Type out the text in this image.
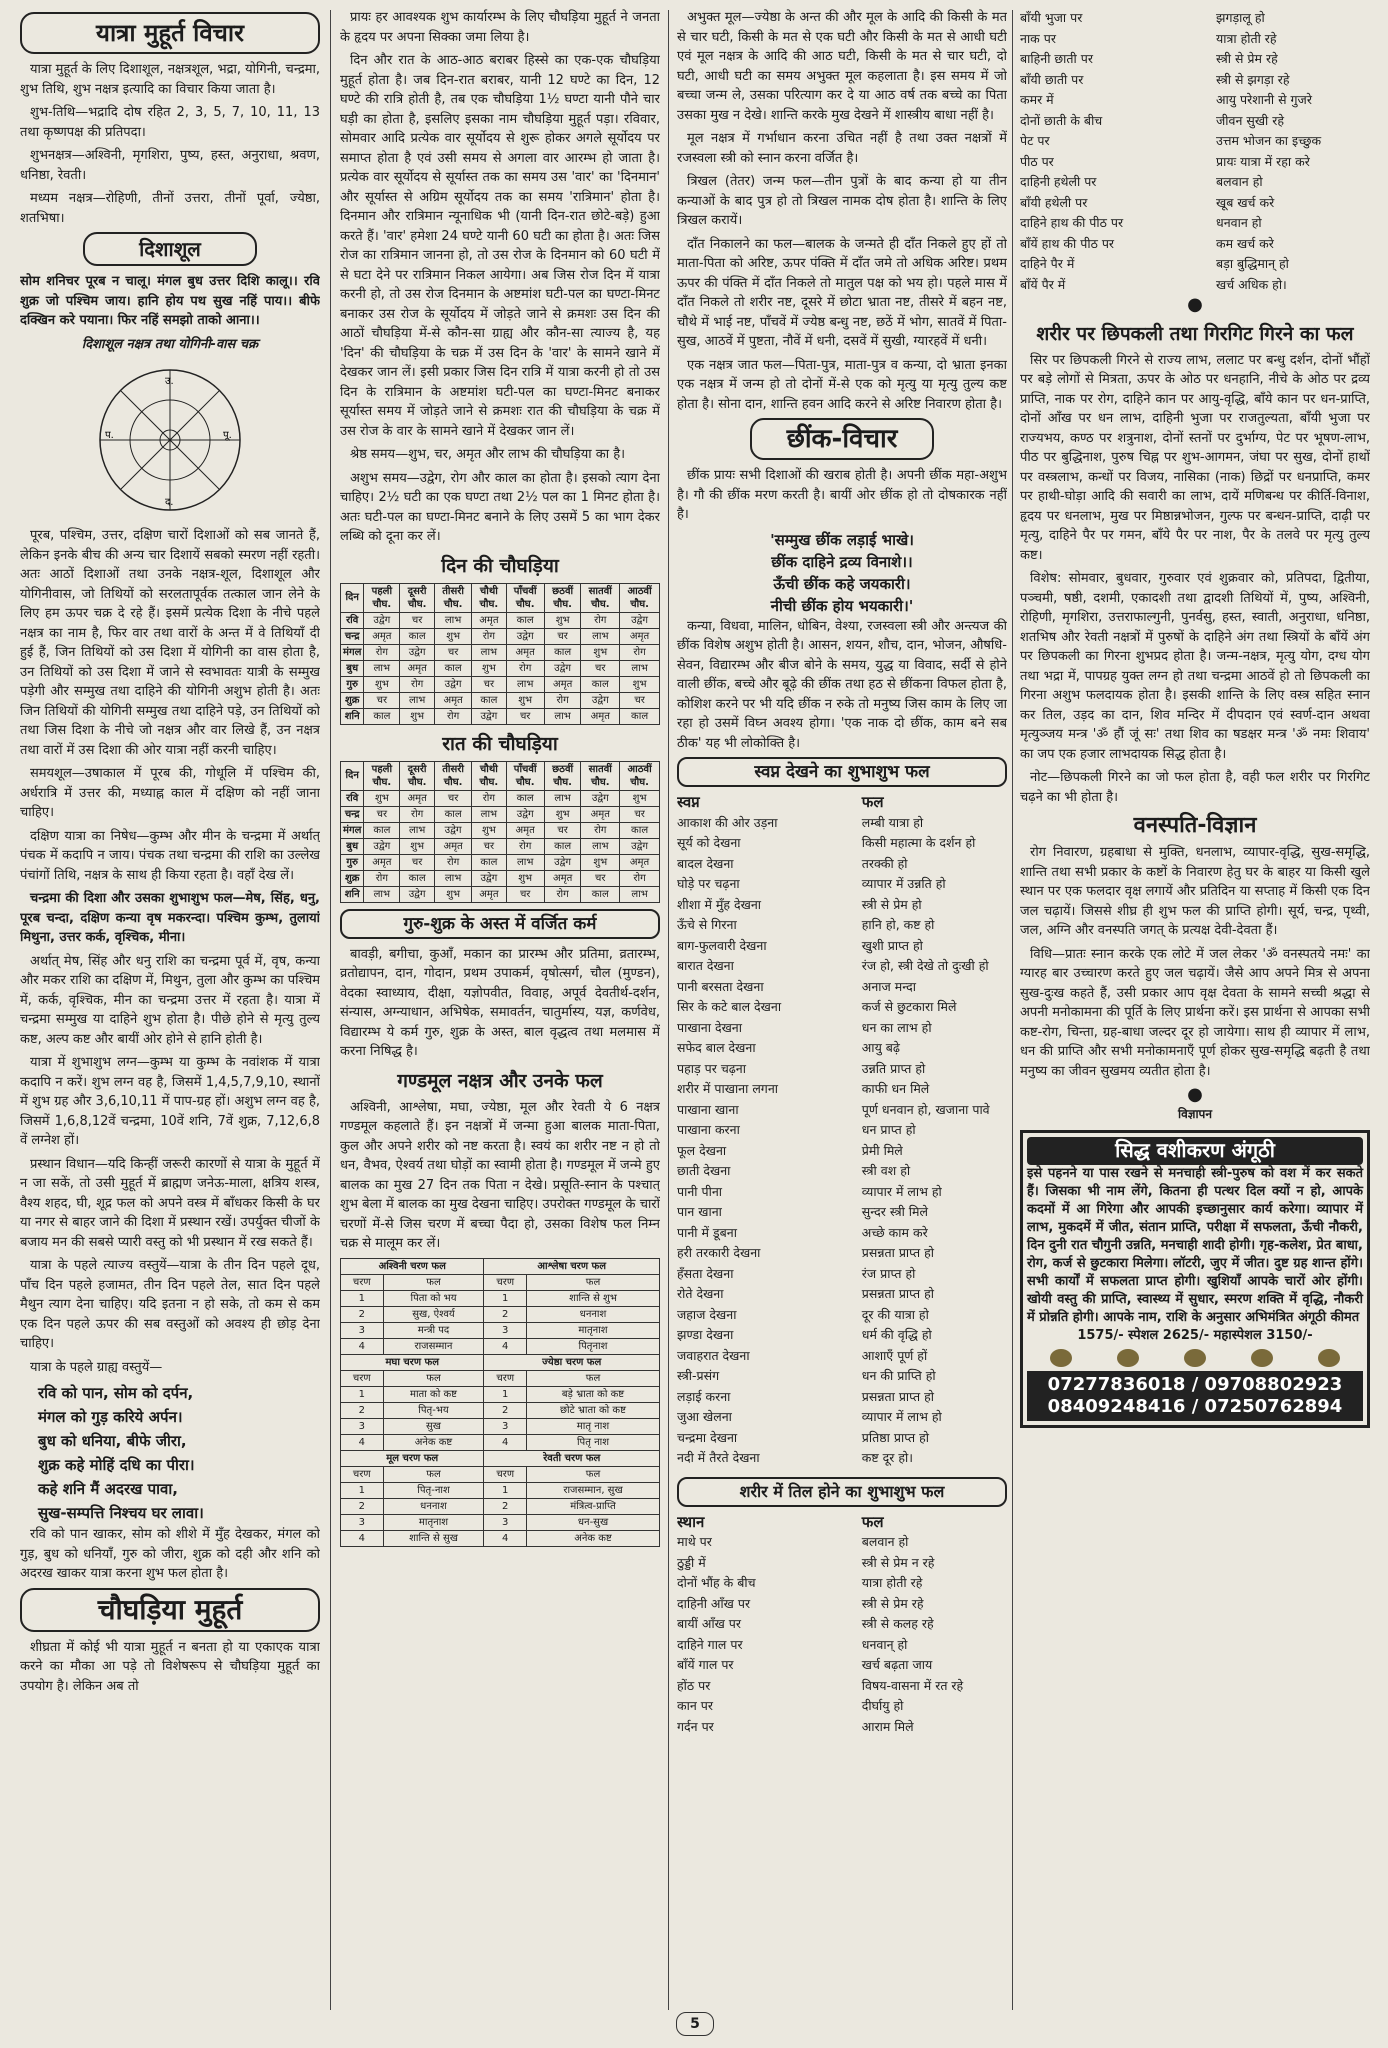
यात्रा मुहूर्त विचार

यात्रा मुहूर्त के लिए दिशाशूल, नक्षत्रशूल, भद्रा, योगिनी, चन्द्रमा, शुभ तिथि, शुभ नक्षत्र इत्यादि का विचार किया जाता है।

शुभ-तिथि—भद्रादि दोष रहित 2, 3, 5, 7, 10, 11, 13 तथा कृष्णपक्ष की प्रतिपदा।

शुभनक्षत्र—अश्विनी, मृगशिरा, पुष्य, हस्त, अनुराधा, श्रवण, धनिष्ठा, रेवती।

मध्यम नक्षत्र—रोहिणी, तीनों उत्तरा, तीनों पूर्वा, ज्येष्ठा, शतभिषा।

दिशाशूल

सोम शनिचर पूरब न चालू। मंगल बुध उत्तर दिशि कालू।। रवि शुक्र जो पश्चिम जाय। हानि होय पथ सुख नहिं पाय।। बीफे दक्खिन करे पयाना। फिर नहिं समझो ताको आना।।

दिशाशूल नक्षत्र तथा योगिनी-वास चक्र

उ.
पू.
द.
प.

पूरब, पश्चिम, उत्तर, दक्षिण चारों दिशाओं को सब जानते हैं, लेकिन इनके बीच की अन्य चार दिशायें सबको स्मरण नहीं रहती। अतः आठों दिशाओं तथा उनके नक्षत्र-शूल, दिशाशूल और योगिनीवास, जो तिथियों को सरलतापूर्वक तत्काल जान लेने के लिए हम ऊपर चक्र दे रहे हैं। इसमें प्रत्येक दिशा के नीचे पहले नक्षत्र का नाम है, फिर वार तथा वारों के अन्त में वे तिथियाँ दी हुई हैं, जिन तिथियों को उस दिशा में योगिनी का वास होता है, उन तिथियों को उस दिशा में जाने से स्वभावतः यात्री के सम्मुख पड़ेगी और सम्मुख तथा दाहिने की योगिनी अशुभ होती है। अतः जिन तिथियों की योगिनी सम्मुख तथा दाहिने पड़े, उन तिथियों को तथा जिस दिशा के नीचे जो नक्षत्र और वार लिखे हैं, उन नक्षत्र तथा वारों में उस दिशा की ओर यात्रा नहीं करनी चाहिए।

समयशूल—उषाकाल में पूरब की, गोधूलि में पश्चिम की, अर्धरात्रि में उत्तर की, मध्याह्न काल में दक्षिण को नहीं जाना चाहिए।

दक्षिण यात्रा का निषेध—कुम्भ और मीन के चन्द्रमा में अर्थात् पंचक में कदापि न जाय। पंचक तथा चन्द्रमा की राशि का उल्लेख पंचांगों तिथि, नक्षत्र के साथ ही किया रहता है। वहाँ देख लें।

चन्द्रमा की दिशा और उसका शुभाशुभ फल—मेष, सिंह, धनु, पूरब चन्दा, दक्षिण कन्या वृष मकरन्दा। पश्चिम कुम्भ, तुलायां मिथुना, उत्तर कर्क, वृश्चिक, मीना।

अर्थात् मेष, सिंह और धनु राशि का चन्द्रमा पूर्व में, वृष, कन्या और मकर राशि का दक्षिण में, मिथुन, तुला और कुम्भ का पश्चिम में, कर्क, वृश्चिक, मीन का चन्द्रमा उत्तर में रहता है। यात्रा में चन्द्रमा सम्मुख या दाहिने शुभ होता है। पीछे होने से मृत्यु तुल्य कष्ट, अल्प कष्ट और बायीं ओर होने से हानि होती है।

यात्रा में शुभाशुभ लग्न—कुम्भ या कुम्भ के नवांशक में यात्रा कदापि न करें। शुभ लग्न वह है, जिसमें 1,4,5,7,9,10, स्थानों में शुभ ग्रह और 3,6,10,11 में पाप-ग्रह हों। अशुभ लग्न वह है, जिसमें 1,6,8,12वें चन्द्रमा, 10वें शनि, 7वें शुक्र, 7,12,6,8 वें लग्नेश हों।

प्रस्थान विधान—यदि किन्हीं जरूरी कारणों से यात्रा के मुहूर्त में न जा सकें, तो उसी मुहूर्त में ब्राह्मण जनेऊ-माला, क्षत्रिय शस्त्र, वैश्य शहद, घी, शूद्र फल को अपने वस्त्र में बाँधकर किसी के घर या नगर से बाहर जाने की दिशा में प्रस्थान रखें। उपर्युक्त चीजों के बजाय मन की सबसे प्यारी वस्तु को भी प्रस्थान में रख सकते हैं।

यात्रा के पहले त्याज्य वस्तुयें—यात्रा के तीन दिन पहले दूध, पाँच दिन पहले हजामत, तीन दिन पहले तेल, सात दिन पहले मैथुन त्याग देना चाहिए। यदि इतना न हो सके, तो कम से कम एक दिन पहले ऊपर की सब वस्तुओं को अवश्य ही छोड़ देना चाहिए।

यात्रा के पहले ग्राह्य वस्तुयें—

रवि को पान, सोम को दर्पन,
मंगल को गुड़ करिये अर्पन।
बुध को धनिया, बीफे जीरा,
शुक्र कहे मोहिं दधि का पीरा।
कहे शनि मैं अदरख पावा,
सुख-सम्पत्ति निश्चय घर लावा।

रवि को पान खाकर, सोम को शीशे में मुँह देखकर, मंगल को गुड़, बुध को धनियाँ, गुरु को जीरा, शुक्र को दही और शनि को अदरख खाकर यात्रा करना शुभ फल होता है।

चौघड़िया मुहूर्त

शीघ्रता में कोई भी यात्रा मुहूर्त न बनता हो या एकाएक यात्रा करने का मौका आ पड़े तो विशेषरूप से चौघड़िया मुहूर्त का उपयोग है। लेकिन अब तो

प्रायः हर आवश्यक शुभ कार्यारम्भ के लिए चौघड़िया मुहूर्त ने जनता के हृदय पर अपना सिक्का जमा लिया है।

दिन और रात के आठ-आठ बराबर हिस्से का एक-एक चौघड़िया मुहूर्त होता है। जब दिन-रात बराबर, यानी 12 घण्टे का दिन, 12 घण्टे की रात्रि होती है, तब एक चौघड़िया 1½ घण्टा यानी पौने चार घड़ी का होता है, इसलिए इसका नाम चौघड़िया मुहूर्त पड़ा। रविवार, सोमवार आदि प्रत्येक वार सूर्योदय से शुरू होकर अगले सूर्योदय पर समाप्त होता है एवं उसी समय से अगला वार आरम्भ हो जाता है। प्रत्येक वार सूर्योदय से सूर्यास्त तक का समय उस 'वार' का 'दिनमान' और सूर्यास्त से अग्रिम सूर्योदय तक का समय 'रात्रिमान' होता है। दिनमान और रात्रिमान न्यूनाधिक भी (यानी दिन-रात छोटे-बड़े) हुआ करते हैं। 'वार' हमेशा 24 घण्टे यानी 60 घटी का होता है। अतः जिस रोज का रात्रिमान जानना हो, तो उस रोज के दिनमान को 60 घटी में से घटा देने पर रात्रिमान निकल आयेगा। अब जिस रोज दिन में यात्रा करनी हो, तो उस रोज दिनमान के अष्टमांश घटी-पल का घण्टा-मिनट बनाकर उस रोज के सूर्योदय में जोड़ते जाने से क्रमशः उस दिन की आठों चौघड़िया में-से कौन-सा ग्राह्य और कौन-सा त्याज्य है, यह 'दिन' की चौघड़िया के चक्र में उस दिन के 'वार' के सामने खाने में देखकर जान लें। इसी प्रकार जिस दिन रात्रि में यात्रा करनी हो तो उस दिन के रात्रिमान के अष्टमांश घटी-पल का घण्टा-मिनट बनाकर सूर्यास्त समय में जोड़ते जाने से क्रमशः रात की चौघड़िया के चक्र में उस रोज के वार के सामने खाने में देखकर जान लें।

श्रेष्ठ समय—शुभ, चर, अमृत और लाभ की चौघड़िया का है।

अशुभ समय—उद्वेग, रोग और काल का होता है। इसको त्याग देना चाहिए। 2½ घटी का एक घण्टा तथा 2½ पल का 1 मिनट होता है। अतः घटी-पल का घण्टा-मिनट बनाने के लिए उसमें 5 का भाग देकर लब्धि को दूना कर लें।

दिन की चौघड़िया
दिन	पहली चौघ.	दूसरी चौघ.	तीसरी चौघ.	चौथी चौघ.	पाँचवीं चौघ.	छठवीं चौघ.	सातवीं चौघ.	आठवीं चौघ.
रवि	उद्वेग	चर	लाभ	अमृत	काल	शुभ	रोग	उद्वेग
चन्द्र	अमृत	काल	शुभ	रोग	उद्वेग	चर	लाभ	अमृत
मंगल	रोग	उद्वेग	चर	लाभ	अमृत	काल	शुभ	रोग
बुध	लाभ	अमृत	काल	शुभ	रोग	उद्वेग	चर	लाभ
गुरु	शुभ	रोग	उद्वेग	चर	लाभ	अमृत	काल	शुभ
शुक्र	चर	लाभ	अमृत	काल	शुभ	रोग	उद्वेग	चर
शनि	काल	शुभ	रोग	उद्वेग	चर	लाभ	अमृत	काल
रात की चौघड़िया
दिन	पहली चौघ.	दूसरी चौघ.	तीसरी चौघ.	चौथी चौघ.	पाँचवीं चौघ.	छठवीं चौघ.	सातवीं चौघ.	आठवीं चौघ.
रवि	शुभ	अमृत	चर	रोग	काल	लाभ	उद्वेग	शुभ
चन्द्र	चर	रोग	काल	लाभ	उद्वेग	शुभ	अमृत	चर
मंगल	काल	लाभ	उद्वेग	शुभ	अमृत	चर	रोग	काल
बुध	उद्वेग	शुभ	अमृत	चर	रोग	काल	लाभ	उद्वेग
गुरु	अमृत	चर	रोग	काल	लाभ	उद्वेग	शुभ	अमृत
शुक्र	रोग	काल	लाभ	उद्वेग	शुभ	अमृत	चर	रोग
शनि	लाभ	उद्वेग	शुभ	अमृत	चर	रोग	काल	लाभ
गुरु-शुक्र के अस्त में वर्जित कर्म

बावड़ी, बगीचा, कुआँ, मकान का प्रारम्भ और प्रतिमा, व्रतारम्भ, व्रतोद्यापन, दान, गोदान, प्रथम उपाकर्म, वृषोत्सर्ग, चौल (मुण्डन), वेदका स्वाध्याय, दीक्षा, यज्ञोपवीत, विवाह, अपूर्व देवतीर्थ-दर्शन, संन्यास, अग्न्याधान, अभिषेक, समावर्तन, चातुर्मास्य, यज्ञ, कर्णवेध, विद्यारम्भ ये कर्म गुरु, शुक्र के अस्त, बाल वृद्धत्व तथा मलमास में करना निषिद्ध है।

गण्डमूल नक्षत्र और उनके फल

अश्विनी, आश्लेषा, मघा, ज्येष्ठा, मूल और रेवती ये 6 नक्षत्र गण्डमूल कहलाते हैं। इन नक्षत्रों में जन्मा हुआ बालक माता-पिता, कुल और अपने शरीर को नष्ट करता है। स्वयं का शरीर नष्ट न हो तो धन, वैभव, ऐश्वर्य तथा घोड़ों का स्वामी होता है। गण्डमूल में जन्मे हुए बालक का मुख 27 दिन तक पिता न देखे। प्रसूति-स्नान के पश्चात् शुभ बेला में बालक का मुख देखना चाहिए। उपरोक्त गण्डमूल के चारों चरणों में-से जिस चरण में बच्चा पैदा हो, उसका विशेष फल निम्न चक्र से मालूम कर लें।

अश्विनी चरण फल		आश्लेषा चरण फल	
चरण	फल	चरण	फल
1	पिता को भय	1	शान्ति से शुभ
2	सुख, ऐश्वर्य	2	धननाश
3	मन्त्री पद	3	मातृनाश
4	राजसम्मान	4	पितृनाश
मघा चरण फल		ज्येष्ठा चरण फल	
चरण	फल	चरण	फल
1	माता को कष्ट	1	बड़े भ्राता को कष्ट
2	पितृ-भय	2	छोटे भ्राता को कष्ट
3	सुख	3	मातृ नाश
4	अनेक कष्ट	4	पितृ नाश
मूल चरण फल		रेवती चरण फल	
चरण	फल	चरण	फल
1	पितृ-नाश	1	राजसम्मान, सुख
2	धननाश	2	मंत्रित्व-प्राप्ति
3	मातृनाश	3	धन-सुख
4	शान्ति से सुख	4	अनेक कष्ट

अभुक्त मूल—ज्येष्ठा के अन्त की और मूल के आदि की किसी के मत से चार घटी, किसी के मत से एक घटी और किसी के मत से आधी घटी एवं मूल नक्षत्र के आदि की आठ घटी, किसी के मत से चार घटी, दो घटी, आधी घटी का समय अभुक्त मूल कहलाता है। इस समय में जो बच्चा जन्म ले, उसका परित्याग कर दे या आठ वर्ष तक बच्चे का पिता उसका मुख न देखे। शान्ति करके मुख देखने में शास्त्रीय बाधा नहीं है।

मूल नक्षत्र में गर्भाधान करना उचित नहीं है तथा उक्त नक्षत्रों में रजस्वला स्त्री को स्नान करना वर्जित है।

त्रिखल (तेतर) जन्म फल—तीन पुत्रों के बाद कन्या हो या तीन कन्याओं के बाद पुत्र हो तो त्रिखल नामक दोष होता है। शान्ति के लिए त्रिखल करायें।

दाँत निकालने का फल—बालक के जन्मते ही दाँत निकले हुए हों तो माता-पिता को अरिष्ट, ऊपर पंक्ति में दाँत जमे तो अधिक अरिष्ट। प्रथम ऊपर की पंक्ति में दाँत निकले तो मातुल पक्ष को भय हो। पहले मास में दाँत निकले तो शरीर नष्ट, दूसरे में छोटा भ्राता नष्ट, तीसरे में बहन नष्ट, चौथे में भाई नष्ट, पाँचवें में ज्येष्ठ बन्धु नष्ट, छठें में भोग, सातवें में पिता-सुख, आठवें में पुष्टता, नौवें में धनी, दसवें में सुखी, ग्यारहवें में धनी।

एक नक्षत्र जात फल—पिता-पुत्र, माता-पुत्र व कन्या, दो भ्राता इनका एक नक्षत्र में जन्म हो तो दोनों में-से एक को मृत्यु या मृत्यु तुल्य कष्ट होता है। सोना दान, शान्ति हवन आदि करने से अरिष्ट निवारण होता है।

छींक-विचार

छींक प्रायः सभी दिशाओं की खराब होती है। अपनी छींक महा-अशुभ है। गौ की छींक मरण करती है। बायीं ओर छींक हो तो दोषकारक नहीं है।

'सम्मुख छींक लड़ाई भाखे।
छींक दाहिने द्रव्य विनाशे।।
ऊँची छींक कहे जयकारी।
नीची छींक होय भयकारी।'

कन्या, विधवा, मालिन, धोबिन, वेश्या, रजस्वला स्त्री और अन्त्यज की छींक विशेष अशुभ होती है। आसन, शयन, शौच, दान, भोजन, औषधि-सेवन, विद्यारम्भ और बीज बोने के समय, युद्ध या विवाद, सर्दी से होने वाली छींक, बच्चे और बूढ़े की छींक तथा हठ से छींकना विफल होता है, कोशिश करने पर भी यदि छींक न रुके तो मनुष्य जिस काम के लिए जा रहा हो उसमें विघ्न अवश्य होगा। 'एक नाक दो छींक, काम बने सब ठीक' यह भी लोकोक्ति है।

स्वप्न देखने का शुभाशुभ फल
स्वप्न	फल
आकाश की ओर उड़ना	लम्बी यात्रा हो
सूर्य को देखना	किसी महात्मा के दर्शन हो
बादल देखना	तरक्की हो
घोड़े पर चढ़ना	व्यापार में उन्नति हो
शीशा में मुँह देखना	स्त्री से प्रेम हो
ऊँचे से गिरना	हानि हो, कष्ट हो
बाग-फुलवारी देखना	खुशी प्राप्त हो
बारात देखना	रंज हो, स्त्री देखे तो दुःखी हो
पानी बरसता देखना	अनाज मन्दा
सिर के कटे बाल देखना	कर्ज से छुटकारा मिले
पाखाना देखना	धन का लाभ हो
सफेद बाल देखना	आयु बढ़े
पहाड़ पर चढ़ना	उन्नति प्राप्त हो
शरीर में पाखाना लगना	काफी धन मिले
पाखाना खाना	पूर्ण धनवान हो, खजाना पावे
पाखाना करना	धन प्राप्त हो
फूल देखना	प्रेमी मिले
छाती देखना	स्त्री वश हो
पानी पीना	व्यापार में लाभ हो
पान खाना	सुन्दर स्त्री मिले
पानी में डूबना	अच्छे काम करे
हरी तरकारी देखना	प्रसन्नता प्राप्त हो
हँसता देखना	रंज प्राप्त हो
रोते देखना	प्रसन्नता प्राप्त हो
जहाज देखना	दूर की यात्रा हो
झण्डा देखना	धर्म की वृद्धि हो
जवाहरात देखना	आशाएँ पूर्ण हों
स्त्री-प्रसंग	धन की प्राप्ति हो
लड़ाई करना	प्रसन्नता प्राप्त हो
जुआ खेलना	व्यापार में लाभ हो
चन्द्रमा देखना	प्रतिष्ठा प्राप्त हो
नदी में तैरते देखना	कष्ट दूर हो।
शरीर में तिल होने का शुभाशुभ फल
स्थान	फल
माथे पर	बलवान हो
ठुड्डी में	स्त्री से प्रेम न रहे
दोनों भौंह के बीच	यात्रा होती रहे
दाहिनी आँख पर	स्त्री से प्रेम रहे
बायीं आँख पर	स्त्री से कलह रहे
दाहिने गाल पर	धनवान् हो
बाँयें गाल पर	खर्च बढ़ता जाय
होंठ पर	विषय-वासना में रत रहे
कान पर	दीर्घायु हो
गर्दन पर	आराम मिले
बाँयी भुजा पर	झगड़ालू हो
नाक पर	यात्रा होती रहे
बाहिनी छाती पर	स्त्री से प्रेम रहे
बाँयी छाती पर	स्त्री से झगड़ा रहे
कमर में	आयु परेशानी से गुजरे
दोनों छाती के बीच	जीवन सुखी रहे
पेट पर	उत्तम भोजन का इच्छुक
पीठ पर	प्रायः यात्रा में रहा करे
दाहिनी हथेली पर	बलवान हो
बाँयी हथेली पर	खूब खर्च करे
दाहिने हाथ की पीठ पर	धनवान हो
बाँयें हाथ की पीठ पर	कम खर्च करे
दाहिने पैर में	बड़ा बुद्धिमान् हो
बाँयें पैर में	खर्च अधिक हो।
●
शरीर पर छिपकली तथा गिरगिट गिरने का फल

सिर पर छिपकली गिरने से राज्य लाभ, ललाट पर बन्धु दर्शन, दोनों भौंहों पर बड़े लोगों से मित्रता, ऊपर के ओठ पर धनहानि, नीचे के ओठ पर द्रव्य प्राप्ति, नाक पर रोग, दाहिने कान पर आयु-वृद्धि, बाँये कान पर धन-प्राप्ति, दोनों आँख पर धन लाभ, दाहिनी भुजा पर राजतुल्यता, बाँयी भुजा पर राज्यभय, कण्ठ पर शत्रुनाश, दोनों स्तनों पर दुर्भाग्य, पेट पर भूषण-लाभ, पीठ पर बुद्धिनाश, पुरुष चिह्न पर शुभ-आगमन, जंघा पर सुख, दोनों हाथों पर वस्त्रलाभ, कन्धों पर विजय, नासिका (नाक) छिद्रों पर धनप्राप्ति, कमर पर हाथी-घोड़ा आदि की सवारी का लाभ, दायें मणिबन्ध पर कीर्ति-विनाश, हृदय पर धनलाभ, मुख पर मिष्ठान्नभोजन, गुल्फ पर बन्धन-प्राप्ति, दाढ़ी पर मृत्यु, दाहिने पैर पर गमन, बाँये पैर पर नाश, पैर के तलवे पर मृत्यु तुल्य कष्ट।

विशेष: सोमवार, बुधवार, गुरुवार एवं शुक्रवार को, प्रतिपदा, द्वितीया, पञ्चमी, षष्ठी, दशमी, एकादशी तथा द्वादशी तिथियों में, पुष्य, अश्विनी, रोहिणी, मृगशिरा, उत्तराफाल्गुनी, पुनर्वसु, हस्त, स्वाती, अनुराधा, धनिष्ठा, शतभिष और रेवती नक्षत्रों में पुरुषों के दाहिने अंग तथा स्त्रियों के बाँयें अंग पर छिपकली का गिरना शुभप्रद होता है। जन्म-नक्षत्र, मृत्यु योग, दग्ध योग तथा भद्रा में, पापग्रह युक्त लग्न हो तथा चन्द्रमा आठवें हो तो छिपकली का गिरना अशुभ फलदायक होता है। इसकी शान्ति के लिए वस्त्र सहित स्नान कर तिल, उड़द का दान, शिव मन्दिर में दीपदान एवं स्वर्ण-दान अथवा मृत्युञ्जय मन्त्र 'ॐ हौं जूं सः' तथा शिव का षडक्षर मन्त्र 'ॐ नमः शिवाय' का जप एक हजार लाभदायक सिद्ध होता है।

नोट—छिपकली गिरने का जो फल होता है, वही फल शरीर पर गिरगिट चढ़ने का भी होता है।

वनस्पति-विज्ञान

रोग निवारण, ग्रहबाधा से मुक्ति, धनलाभ, व्यापार-वृद्धि, सुख-समृद्धि, शान्ति तथा सभी प्रकार के कष्टों के निवारण हेतु घर के बाहर या किसी खुले स्थान पर एक फलदार वृक्ष लगायें और प्रतिदिन या सप्ताह में किसी एक दिन जल चढ़ायें। जिससे शीघ्र ही शुभ फल की प्राप्ति होगी। सूर्य, चन्द्र, पृथ्वी, जल, अग्नि और वनस्पति जगत् के प्रत्यक्ष देवी-देवता हैं।

विधि—प्रातः स्नान करके एक लोटे में जल लेकर 'ॐ वनस्पतये नमः' का ग्यारह बार उच्चारण करते हुए जल चढ़ायें। जैसे आप अपने मित्र से अपना सुख-दुःख कहते हैं, उसी प्रकार आप वृक्ष देवता के सामने सच्ची श्रद्धा से अपनी मनोकामना की पूर्ति के लिए प्रार्थना करें। इस प्रार्थना से आपका सभी कष्ट-रोग, चिन्ता, ग्रह-बाधा जल्दर दूर हो जायेगा। साथ ही व्यापार में लाभ, धन की प्राप्ति और सभी मनोकामनाएँ पूर्ण होकर सुख-समृद्धि बढ़ती है तथा मनुष्य का जीवन सुखमय व्यतीत होता है।

●
विज्ञापन
सिद्ध वशीकरण अंगूठी
इसे पहनने या पास रखने से मनचाही स्त्री-पुरुष को वश में कर सकते हैं। जिसका भी नाम लेंगे, कितना ही पत्थर दिल क्यों न हो, आपके कदमों में आ गिरेगा और आपकी इच्छानुसार कार्य करेगा। व्यापार में लाभ, मुकदमें में जीत, संतान प्राप्ति, परीक्षा में सफलता, ऊँची नौकरी, दिन दुनी रात चौगुनी उन्नति, मनचाही शादी होगी। गृह-कलेश, प्रेत बाधा, रोग, कर्ज से छुटकारा मिलेगा। लॉटरी, जुए में जीत। दुष्ट ग्रह शान्त होंगे। सभी कार्यों में सफलता प्राप्त होगी। खुशियाँ आपके चारों ओर होंगी। खोयी वस्तु की प्राप्ति, स्वास्थ्य में सुधार, स्मरण शक्ति में वृद्धि, नौकरी में प्रोन्नति होगी। आपके नाम, राशि के अनुसार अभिमंत्रित अंगूठी कीमत
1575/- स्पेशल 2625/- महास्पेशल 3150/-
07277836018 / 09708802923
08409248416 / 07250762894
5
